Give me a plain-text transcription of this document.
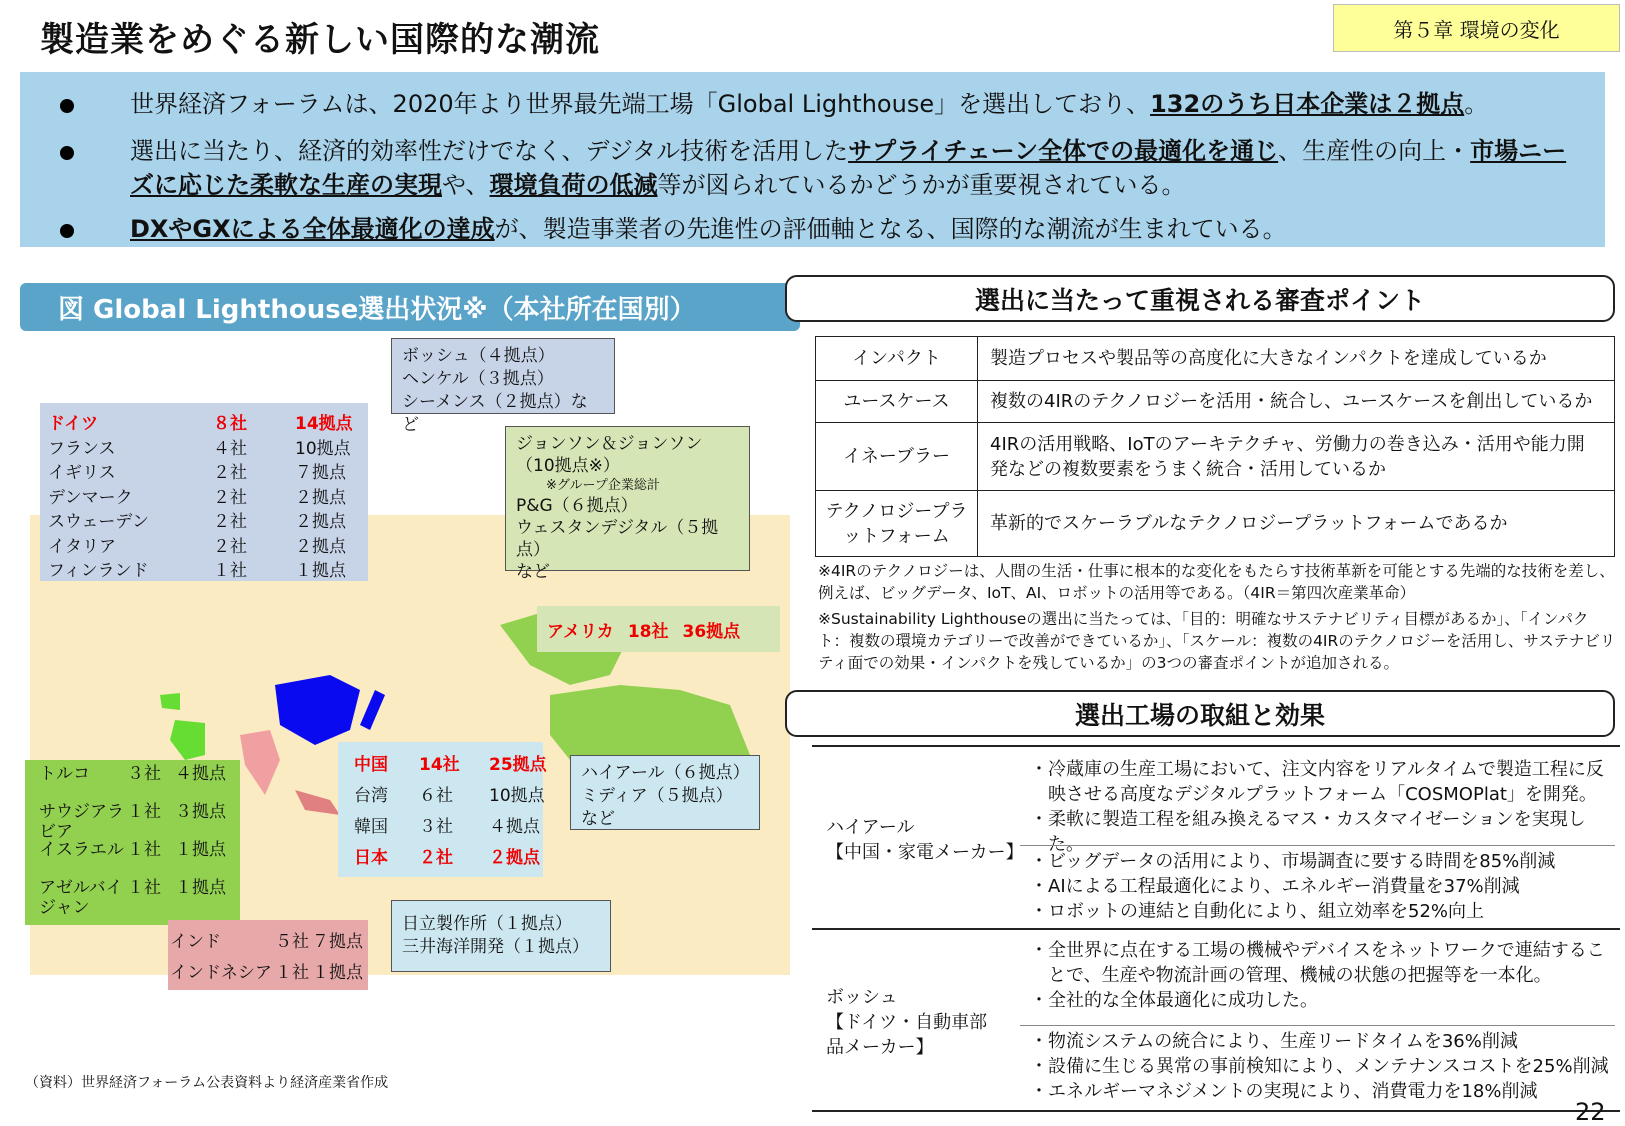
製造業をめぐる新しい国際的な潮流	第５章 環境の変化
世界経済フォーラムは、2020年より世界最先端工場「Global Lighthouse」を選出しており、132のうち日本企業は２拠点。
選出に当たり、経済的効率性だけでなく、デジタル技術を活用したサプライチェーン全体での最適化を通じ、生産性の向上・市場ニーズに応じた柔軟な生産の実現や、環境負荷の低減等が図られているかどうかが重要視されている。
DXやGXによる全体最適化の達成が、製造事業者の先進性の評価軸となる、国際的な潮流が生まれている。
図 Global Lighthouse選出状況※（本社所在国別）
ドイツ	８社	14拠点
フランス	４社	10拠点
イギリス	２社	７拠点
デンマーク	２社	２拠点
スウェーデン	２社	２拠点
イタリア	２社	２拠点
フィンランド	１社	１拠点
ボッシュ（４拠点）
ヘンケル（３拠点）
シーメンス（２拠点）など
ジョンソン＆ジョンソン
（10拠点※）
※グループ企業総計
P&G（６拠点）
ウェスタンデジタル（５拠点）
など
アメリカ 18社 36拠点
トルコ	３社 ４拠点
サウジアラビア
１社 ３拠点
イスラエル １社 １拠点
アゼルバイジャン
１社 １拠点
インド	５社 ７拠点
インドネシア １社 １拠点
中国	14社	25拠点
台湾	６社	10拠点
韓国	３社	４拠点
日本	２社	２拠点
ハイアール（６拠点）
ミディア（５拠点）
など
日立製作所（１拠点）
三井海洋開発（１拠点）
（資料）世界経済フォーラム公表資料より経済産業省作成
選出に当たって重視される審査ポイント
インパクト	製造プロセスや製品等の高度化に大きなインパクトを達成しているか
ユースケース	複数の4IRのテクノロジーを活用・統合し、ユースケースを創出しているか
イネーブラー	4IRの活用戦略、IoTのアーキテクチャ、労働力の巻き込み・活用や能力開発などの複数要素をうまく統合・活用しているか
テクノロジープラットフォーム	革新的でスケーラブルなテクノロジープラットフォームであるか
※4IRのテクノロジーは、人間の生活・仕事に根本的な変化をもたらす技術革新を可能とする先端的な技術を差し、例えば、ビッグデータ、IoT、AI、ロボットの活用等である。（4IR＝第四次産業革命）
※Sustainability Lighthouseの選出に当たっては、「目的：明確なサステナビリティ目標があるか」、「インパクト：複数の環境カテゴリーで改善ができているか」、「スケール：複数の4IRのテクノロジーを活用し、サステナビリティ面での効果・インパクトを残しているか」の3つの審査ポイントが追加される。
選出工場の取組と効果
ハイアール
【中国・家電メーカー】
・冷蔵庫の生産工場において、注文内容をリアルタイムで製造工程に反映させる高度なデジタルプラットフォーム「COSMOPlat」を開発。
・柔軟に製造工程を組み換えるマス・カスタマイゼーションを実現した。
・ビッグデータの活用により、市場調査に要する時間を85%削減
・AIによる工程最適化により、エネルギー消費量を37%削減
・ロボットの連結と自動化により、組立効率を52%向上
ボッシュ
【ドイツ・自動車部品メーカー】
・全世界に点在する工場の機械やデバイスをネットワークで連結することで、生産や物流計画の管理、機械の状態の把握等を一本化。
・全社的な全体最適化に成功した。
・物流システムの統合により、生産リードタイムを36%削減
・設備に生じる異常の事前検知により、メンテナンスコストを25%削減
・エネルギーマネジメントの実現により、消費電力を18%削減
22
